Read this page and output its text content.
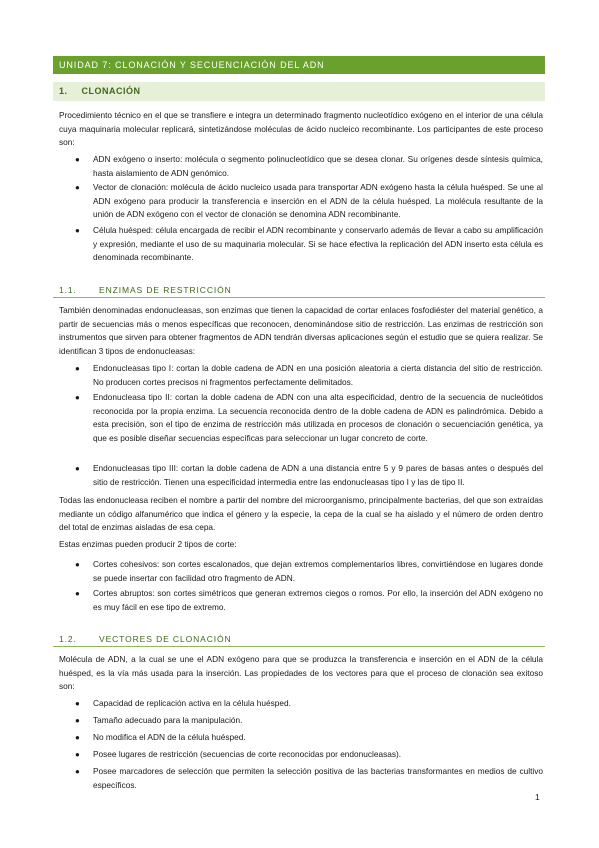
UNIDAD 7: CLONACIÓN Y SECUENCIACIÓN DEL ADN
1. CLONACIÓN

Procedimiento técnico en el que se transfiere e integra un determinado fragmento nucleotídico exógeno en el interior de una célula cuya maquinaria molecular replicará, sintetizándose moléculas de ácido nucleico recombinante. Los participantes de este proceso son:

● ADN exógeno o inserto: molécula o segmento polinucleotídico que se desea clonar. Su orígenes desde síntesis química, hasta aislamiento de ADN genómico.

● Vector de clonación: molécula de ácido nucleico usada para transportar ADN exógeno hasta la célula huésped. Se une al ADN exógeno para producir la transferencia e inserción en el ADN de la célula huésped. La molécula resultante de la unión de ADN exógeno con el vector de clonación se denomina ADN recombinante.

● Célula huésped: célula encargada de recibir el ADN recombinante y conservarlo además de llevar a cabo su amplificación y expresión, mediante el uso de su maquinaria molecular. Si se hace efectiva la replicación del ADN inserto esta célula es denominada recombinante.

1.1.	ENZIMAS DE RESTRICCIÓN

También denominadas endonucleasas, son enzimas que tienen la capacidad de cortar enlaces fosfodiéster del material genético, a partir de secuencias más o menos específicas que reconocen, denominándose sitio de restricción. Las enzimas de restricción son instrumentos que sirven para obtener fragmentos de ADN tendrán diversas aplicaciones según el estudio que se quiera realizar. Se identifican 3 tipos de endonucleasas:

● Endonucleasas tipo I: cortan la doble cadena de ADN en una posición aleatoria a cierta distancia del sitio de restricción. No producen cortes precisos ni fragmentos perfectamente delimitados.

● Endonucleasa tipo II: cortan la doble cadena de ADN con una alta especificidad, dentro de la secuencia de nucleótidos reconocida por la propia enzima. La secuencia reconocida dentro de la doble cadena de ADN es palindrómica. Debido a esta precisión, son el tipo de enzima de restricción más utilizada en procesos de clonación o secuenciación genética, ya que es posible diseñar secuencias específicas para seleccionar un lugar concreto de corte.

● Endonucleasas tipo III: cortan la doble cadena de ADN a una distancia entre 5 y 9 pares de basas antes o después del sitio de restricción. Tienen una especificidad intermedia entre las endonucleasas tipo I y las de tipo II.

Todas las endonucleasa reciben el nombre a partir del nombre del microorganismo, principalmente bacterias, del que son extraídas mediante un código alfanumérico que indica el género y la especie, la cepa de la cual se ha aislado y el número de orden dentro del total de enzimas aisladas de esa cepa.

Estas enzimas pueden producir 2 tipos de corte:

● Cortes cohesivos: son cortes escalonados, que dejan extremos complementarios libres, convirtiéndose en lugares donde se puede insertar con facilidad otro fragmento de ADN.

● Cortes abruptos: son cortes simétricos que generan extremos ciegos o romos. Por ello, la inserción del ADN exógeno no es muy fácil en ese tipo de extremo.

1.2.	VECTORES DE CLONACIÓN

Molécula de ADN, a la cual se une el ADN exógeno para que se produzca la transferencia e inserción en el ADN de la célula huésped, es la vía más usada para la inserción. Las propiedades de los vectores para que el proceso de clonación sea exitoso son:

● Capacidad de replicación activa en la célula huésped.

● Tamaño adecuado para la manipulación.

● No modifica el ADN de la célula huésped.

● Posee lugares de restricción (secuencias de corte reconocidas por endonucleasas).

● Posee marcadores de selección que permiten la selección positiva de las bacterias transformantes en medios de cultivo específicos.

1
